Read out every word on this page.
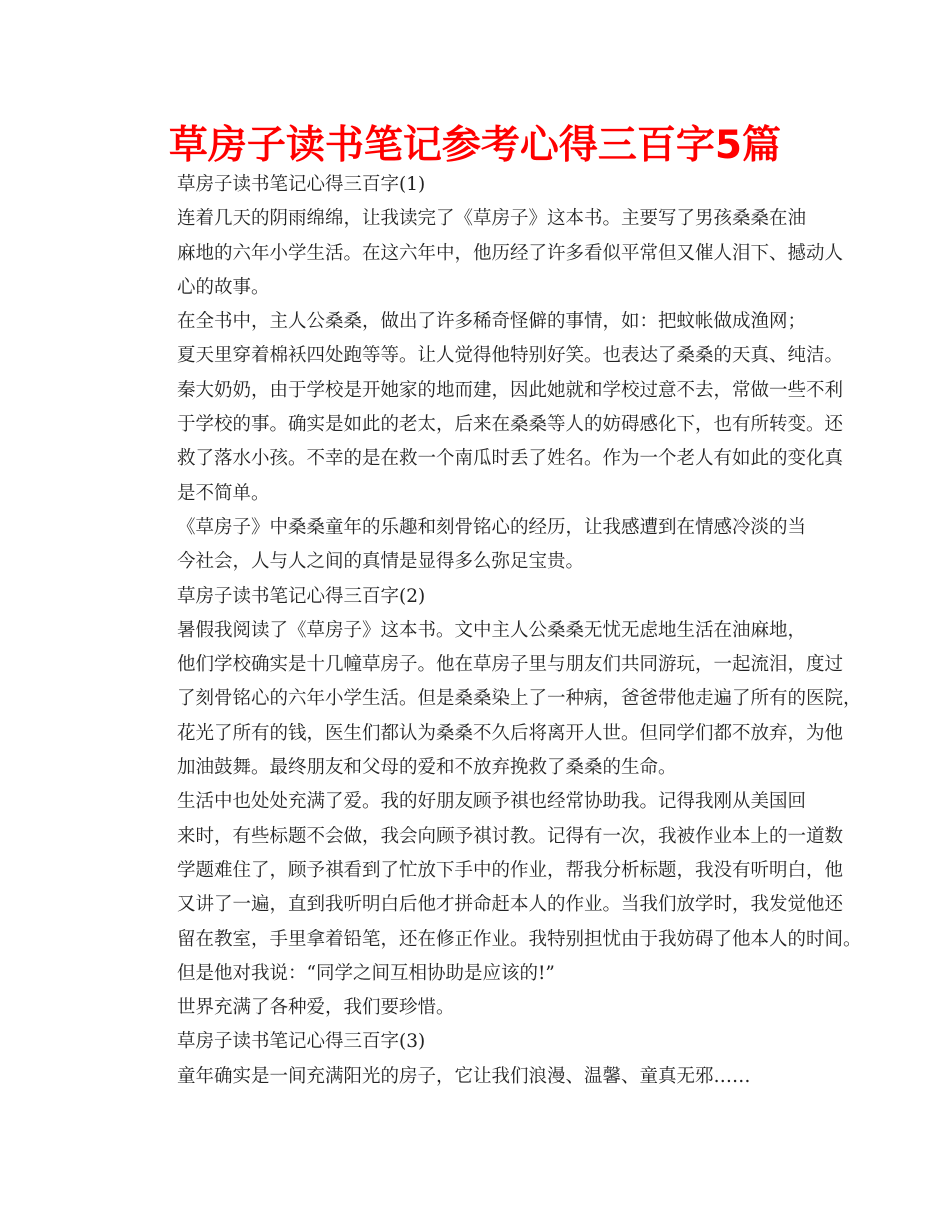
草房子读书笔记参考心得三百字5篇

草房子读书笔记心得三百字(1)

连着几天的阴雨绵绵，让我读完了《草房子》这本书。主要写了男孩桑桑在油
麻地的六年小学生活。在这六年中，他历经了许多看似平常但又催人泪下、撼动人
心的故事。

在全书中，主人公桑桑，做出了许多稀奇怪僻的事情，如：把蚊帐做成渔网；
夏天里穿着棉袄四处跑等等。让人觉得他特别好笑。也表达了桑桑的天真、纯洁。
秦大奶奶，由于学校是开她家的地而建，因此她就和学校过意不去，常做一些不利
于学校的事。确实是如此的老太，后来在桑桑等人的妨碍感化下，也有所转变。还
救了落水小孩。不幸的是在救一个南瓜时丢了姓名。作为一个老人有如此的变化真
是不简单。

《草房子》中桑桑童年的乐趣和刻骨铭心的经历，让我感遭到在情感冷淡的当
今社会，人与人之间的真情是显得多么弥足宝贵。

草房子读书笔记心得三百字(2)

暑假我阅读了《草房子》这本书。文中主人公桑桑无忧无虑地生活在油麻地，
他们学校确实是十几幢草房子。他在草房子里与朋友们共同游玩，一起流泪，度过
了刻骨铭心的六年小学生活。但是桑桑染上了一种病，爸爸带他走遍了所有的医院，
花光了所有的钱，医生们都认为桑桑不久后将离开人世。但同学们都不放弃，为他
加油鼓舞。最终朋友和父母的爱和不放弃挽救了桑桑的生命。

生活中也处处充满了爱。我的好朋友顾予祺也经常协助我。记得我刚从美国回
来时，有些标题不会做，我会向顾予祺讨教。记得有一次，我被作业本上的一道数
学题难住了，顾予祺看到了忙放下手中的作业，帮我分析标题，我没有听明白，他
又讲了一遍，直到我听明白后他才拼命赶本人的作业。当我们放学时，我发觉他还
留在教室，手里拿着铅笔，还在修正作业。我特别担忧由于我妨碍了他本人的时间。
但是他对我说：“同学之间互相协助是应该的!”

世界充满了各种爱，我们要珍惜。

草房子读书笔记心得三百字(3)

童年确实是一间充满阳光的房子，它让我们浪漫、温馨、童真无邪……
